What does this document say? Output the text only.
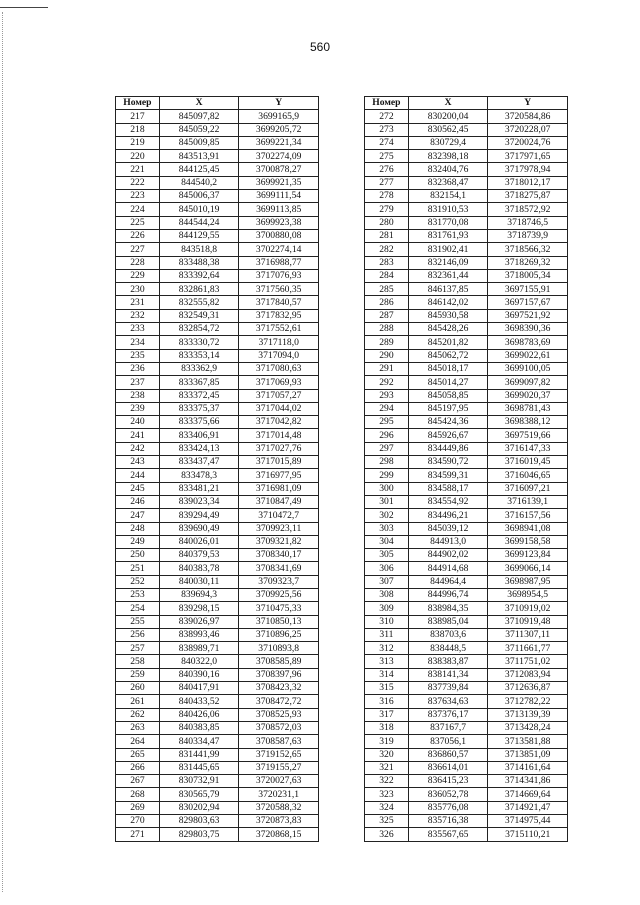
560
Номер	X	Y
217	845097,82	3699165,9
218	845059,22	3699205,72
219	845009,85	3699221,34
220	843513,91	3702274,09
221	844125,45	3700878,27
222	844540,2	3699921,35
223	845006,37	3699111,54
224	845010,19	3699113,85
225	844544,24	3699923,38
226	844129,55	3700880,08
227	843518,8	3702274,14
228	833488,38	3716988,77
229	833392,64	3717076,93
230	832861,83	3717560,35
231	832555,82	3717840,57
232	832549,31	3717832,95
233	832854,72	3717552,61
234	833330,72	3717118,0
235	833353,14	3717094,0
236	833362,9	3717080,63
237	833367,85	3717069,93
238	833372,45	3717057,27
239	833375,37	3717044,02
240	833375,66	3717042,82
241	833406,91	3717014,48
242	833424,13	3717027,76
243	833437,47	3717015,89
244	833478,3	3716977,95
245	833481,21	3716981,09
246	839023,34	3710847,49
247	839294,49	3710472,7
248	839690,49	3709923,11
249	840026,01	3709321,82
250	840379,53	3708340,17
251	840383,78	3708341,69
252	840030,11	3709323,7
253	839694,3	3709925,56
254	839298,15	3710475,33
255	839026,97	3710850,13
256	838993,46	3710896,25
257	838989,71	3710893,8
258	840322,0	3708585,89
259	840390,16	3708397,96
260	840417,91	3708423,32
261	840433,52	3708472,72
262	840426,06	3708525,93
263	840383,85	3708572,03
264	840334,47	3708587,63
265	831441,99	3719152,65
266	831445,65	3719155,27
267	830732,91	3720027,63
268	830565,79	3720231,1
269	830202,94	3720588,32
270	829803,63	3720873,83
271	829803,75	3720868,15
Номер	X	Y
272	830200,04	3720584,86
273	830562,45	3720228,07
274	830729,4	3720024,76
275	832398,18	3717971,65
276	832404,76	3717978,94
277	832368,47	3718012,17
278	832154,1	3718275,87
279	831910,53	3718572,92
280	831770,08	3718746,5
281	831761,93	3718739,9
282	831902,41	3718566,32
283	832146,09	3718269,32
284	832361,44	3718005,34
285	846137,85	3697155,91
286	846142,02	3697157,67
287	845930,58	3697521,92
288	845428,26	3698390,36
289	845201,82	3698783,69
290	845062,72	3699022,61
291	845018,17	3699100,05
292	845014,27	3699097,82
293	845058,85	3699020,37
294	845197,95	3698781,43
295	845424,36	3698388,12
296	845926,67	3697519,66
297	834449,86	3716147,33
298	834590,72	3716019,45
299	834599,31	3716046,65
300	834588,17	3716097,21
301	834554,92	3716139,1
302	834496,21	3716157,56
303	845039,12	3698941,08
304	844913,0	3699158,58
305	844902,02	3699123,84
306	844914,68	3699066,14
307	844964,4	3698987,95
308	844996,74	3698954,5
309	838984,35	3710919,02
310	838985,04	3710919,48
311	838703,6	3711307,11
312	838448,5	3711661,77
313	838383,87	3711751,02
314	838141,34	3712083,94
315	837739,84	3712636,87
316	837634,63	3712782,22
317	837376,17	3713139,39
318	837167,7	3713428,24
319	837056,1	3713581,88
320	836860,57	3713851,09
321	836614,01	3714161,64
322	836415,23	3714341,86
323	836052,78	3714669,64
324	835776,08	3714921,47
325	835716,38	3714975,44
326	835567,65	3715110,21
